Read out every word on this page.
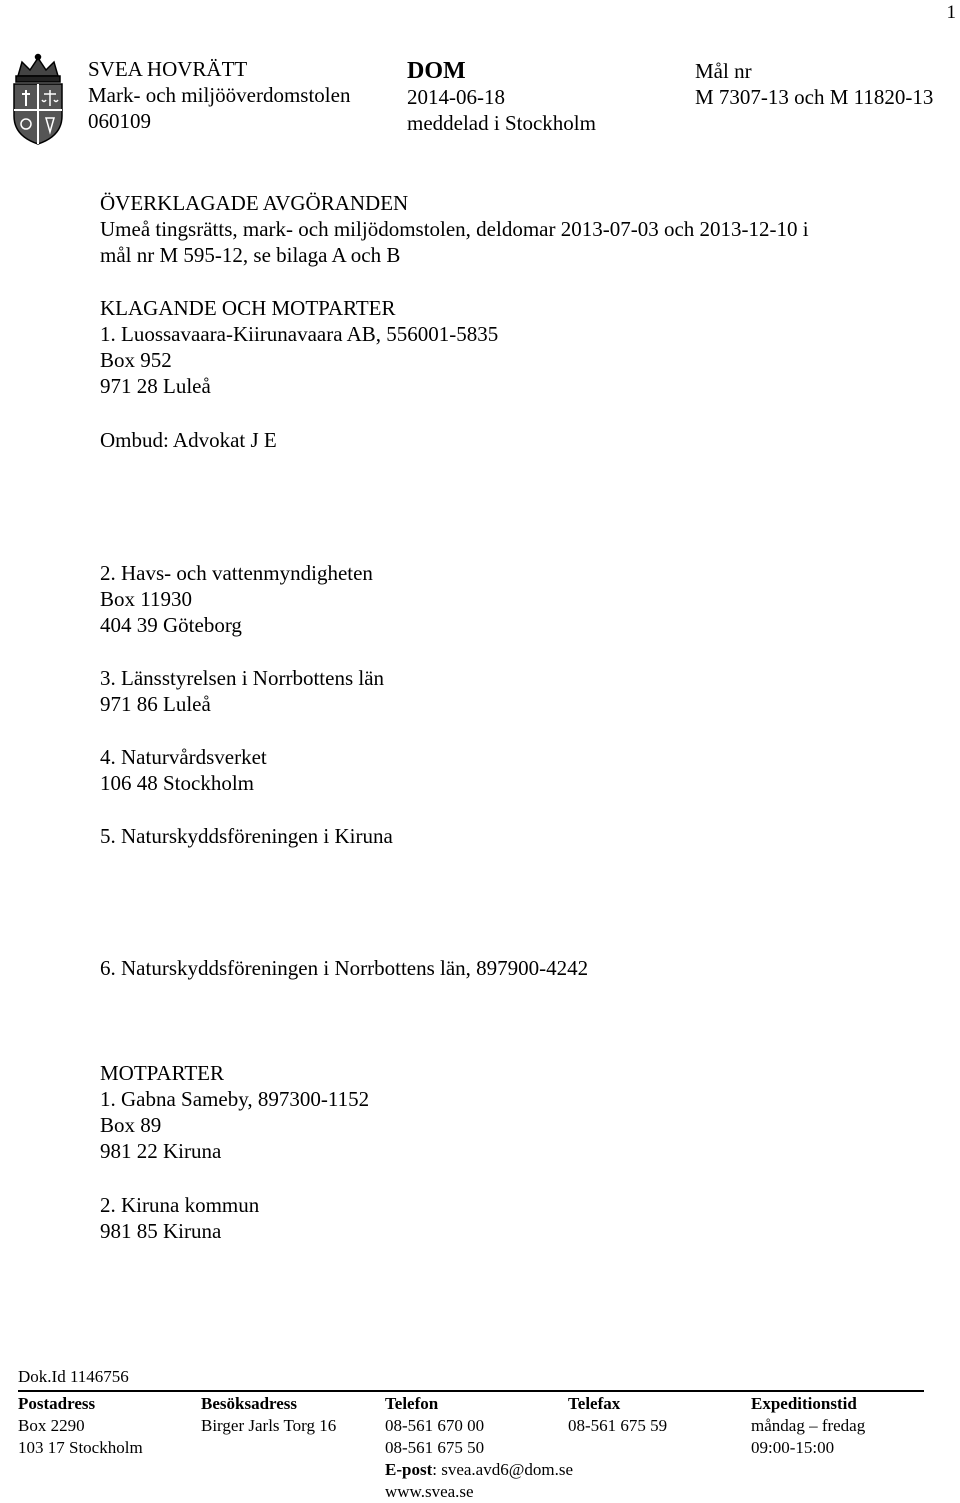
1
SVEA HOVRÄTT
Mark- och miljööverdomstolen
060109
DOM
2014-06-18
meddelad i Stockholm
Mål nr
M 7307-13 och M 11820-13
ÖVERKLAGADE AVGÖRANDEN
Umeå tingsrätts, mark- och miljödomstolen, deldomar 2013-07-03 och 2013-12-10 i
mål nr M 595-12, se bilaga A och B
KLAGANDE OCH MOTPARTER
1. Luossavaara-Kiirunavaara AB, 556001-5835
Box 952
971 28 Luleå
Ombud: Advokat J E
2. Havs- och vattenmyndigheten
Box 11930
404 39 Göteborg
3. Länsstyrelsen i Norrbottens län
971 86 Luleå
4. Naturvårdsverket
106 48 Stockholm
5. Naturskyddsföreningen i Kiruna
6. Naturskyddsföreningen i Norrbottens län, 897900-4242
MOTPARTER
1. Gabna Sameby, 897300-1152
Box 89
981 22 Kiruna
2. Kiruna kommun
981 85 Kiruna
Dok.Id 1146756
Postadress
Box 2290
103 17 Stockholm
Besöksadress
Birger Jarls Torg 16
Telefon
08-561 670 00
08-561 675 50
E-post: svea.avd6@dom.se
www.svea.se
Telefax
08-561 675 59
Expeditionstid
måndag – fredag
09:00-15:00
